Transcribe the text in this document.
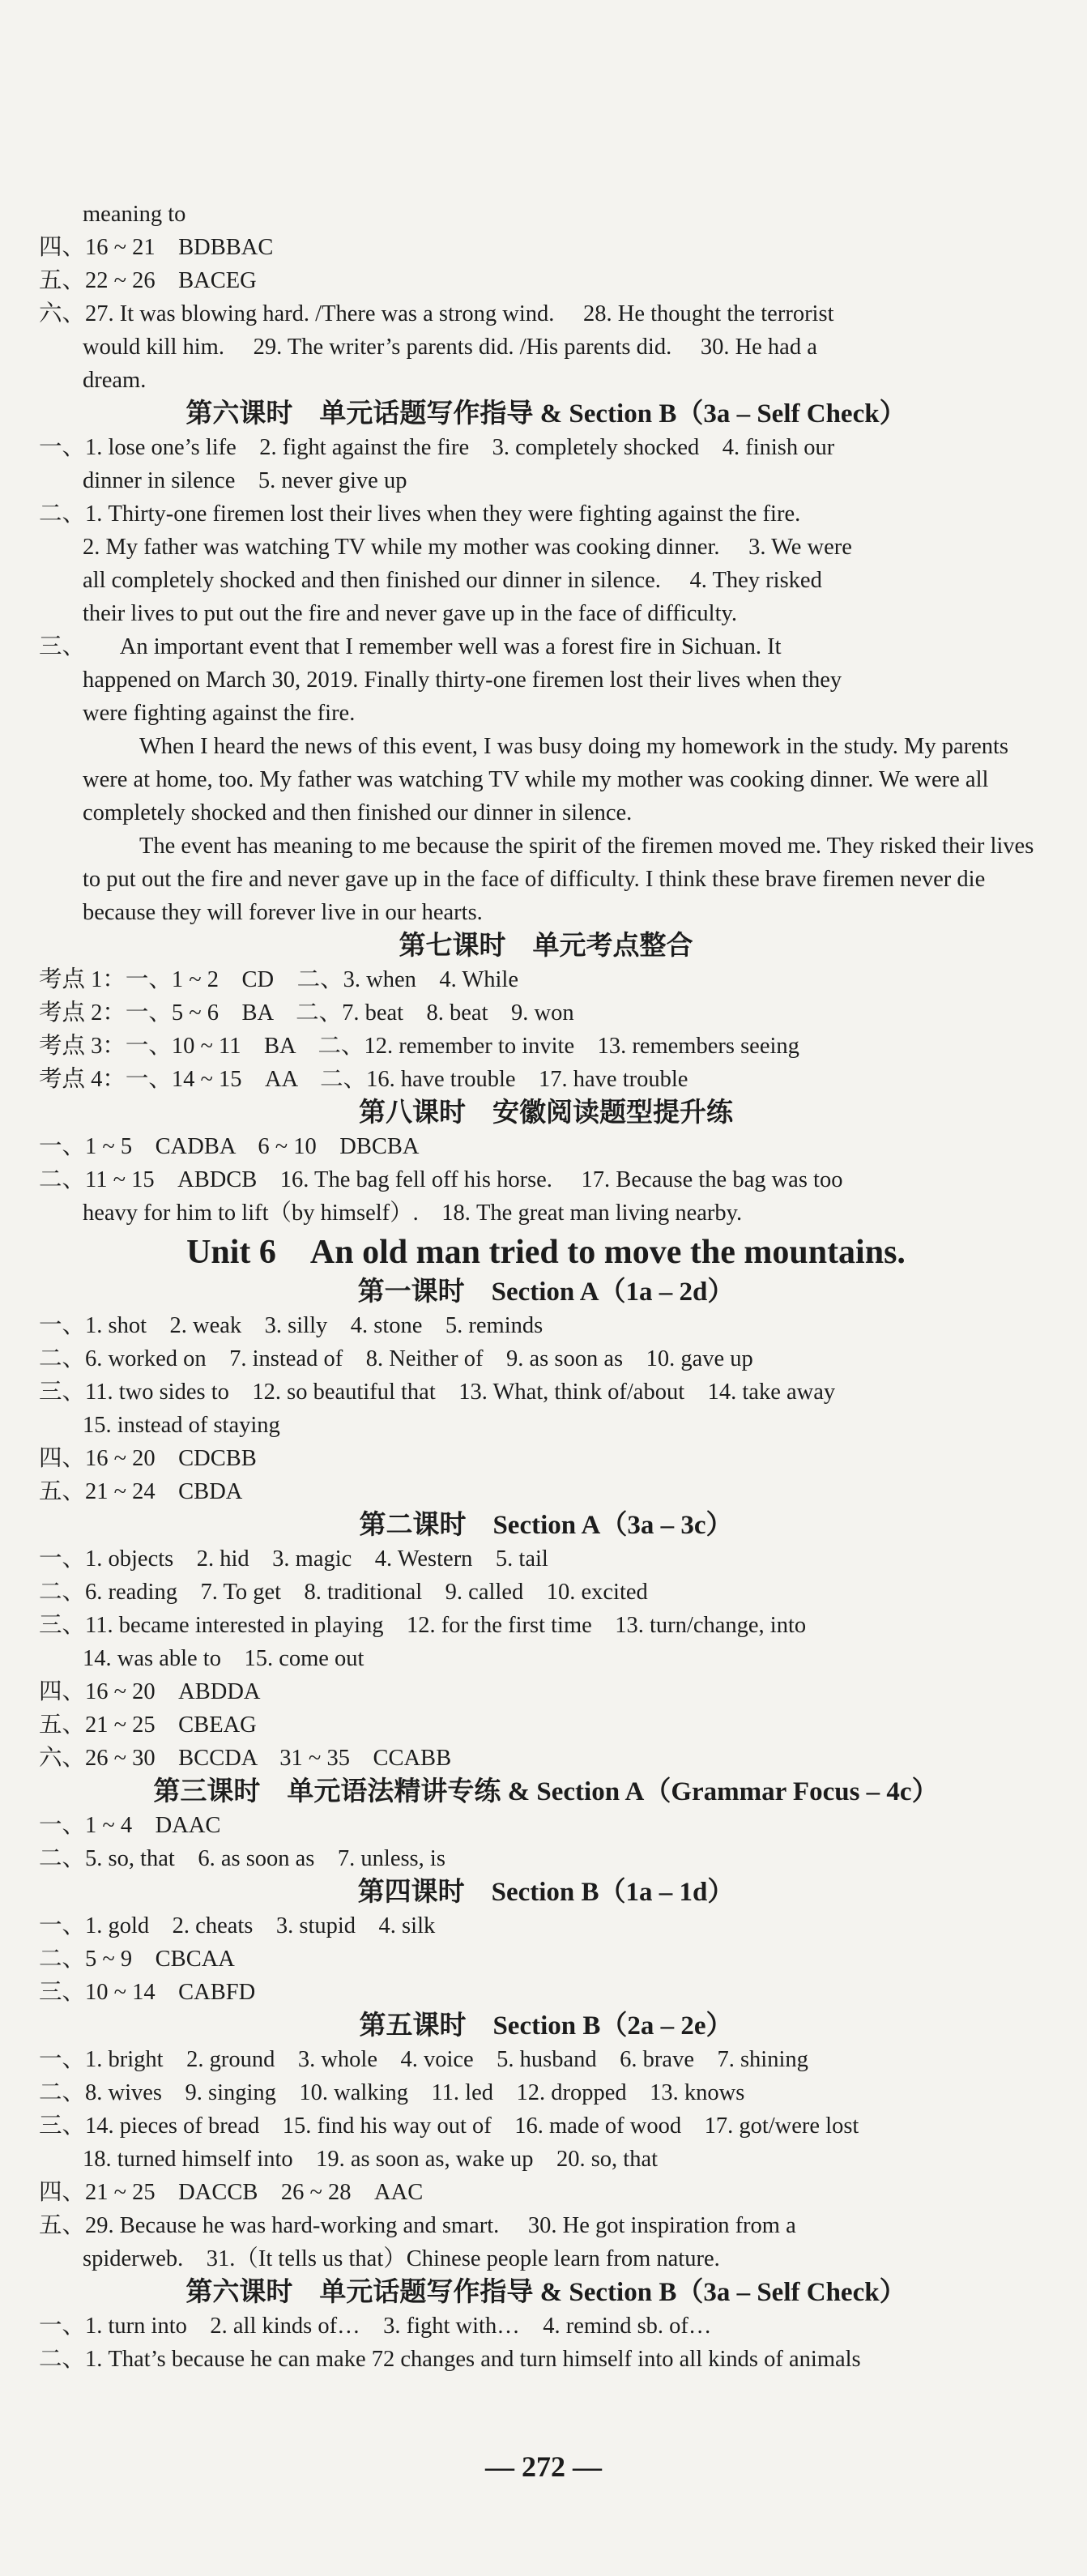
meaning to
四、16 ~ 21　BDBBAC
五、22 ~ 26　BACEG
六、27. It was blowing hard. /There was a strong wind.　 28. He thought the terrorist
would kill him.　 29. The writer’s parents did. /His parents did.　 30. He had a
dream.
第六课时　单元话题写作指导 & Section B（3a – Self Check）
一、1. lose one’s life　2. fight against the fire　3. completely shocked　4. finish our
dinner in silence　5. never give up
二、1. Thirty-one firemen lost their lives when they were fighting against the fire.
2. My father was watching TV while my mother was cooking dinner.　 3. We were
all completely shocked and then finished our dinner in silence.　 4. They risked
their lives to put out the fire and never gave up in the face of difficulty.
三、　　An important event that I remember well was a forest fire in Sichuan. It
happened on March 30, 2019. Finally thirty-one firemen lost their lives when they
were fighting against the fire.
When I heard the news of this event, I was busy doing my homework in the study. My parents were at home, too. My father was watching TV while my mother was cooking dinner. We were all completely shocked and then finished our dinner in silence.
The event has meaning to me because the spirit of the firemen moved me. They risked their lives to put out the fire and never gave up in the face of difficulty. I think these brave firemen never die because they will forever live in our hearts.
第七课时　单元考点整合
考点 1：一、1 ~ 2　CD　二、3. when　4. While
考点 2：一、5 ~ 6　BA　二、7. beat　8. beat　9. won
考点 3：一、10 ~ 11　BA　二、12. remember to invite　13. remembers seeing
考点 4：一、14 ~ 15　AA　二、16. have trouble　17. have trouble
第八课时　安徽阅读题型提升练
一、1 ~ 5　CADBA　6 ~ 10　DBCBA
二、11 ~ 15　ABDCB　16. The bag fell off his horse.　 17. Because the bag was too
heavy for him to lift（by himself）.　18. The great man living nearby.
Unit 6　An old man tried to move the mountains.
第一课时　Section A（1a – 2d）
一、1. shot　2. weak　3. silly　4. stone　5. reminds
二、6. worked on　7. instead of　8. Neither of　9. as soon as　10. gave up
三、11. two sides to　12. so beautiful that　13. What, think of/about　14. take away
15. instead of staying
四、16 ~ 20　CDCBB
五、21 ~ 24　CBDA
第二课时　Section A（3a – 3c）
一、1. objects　2. hid　3. magic　4. Western　5. tail
二、6. reading　7. To get　8. traditional　9. called　10. excited
三、11. became interested in playing　12. for the first time　13. turn/change, into
14. was able to　15. come out
四、16 ~ 20　ABDDA
五、21 ~ 25　CBEAG
六、26 ~ 30　BCCDA　31 ~ 35　CCABB
第三课时　单元语法精讲专练 & Section A（Grammar Focus – 4c）
一、1 ~ 4　DAAC
二、5. so, that　6. as soon as　7. unless, is
第四课时　Section B（1a – 1d）
一、1. gold　2. cheats　3. stupid　4. silk
二、5 ~ 9　CBCAA
三、10 ~ 14　CABFD
第五课时　Section B（2a – 2e）
一、1. bright　2. ground　3. whole　4. voice　5. husband　6. brave　7. shining
二、8. wives　9. singing　10. walking　11. led　12. dropped　13. knows
三、14. pieces of bread　15. find his way out of　16. made of wood　17. got/were lost
18. turned himself into　19. as soon as, wake up　20. so, that
四、21 ~ 25　DACCB　26 ~ 28　AAC
五、29. Because he was hard-working and smart.　 30. He got inspiration from a
spiderweb.　31.（It tells us that）Chinese people learn from nature.
第六课时　单元话题写作指导 & Section B（3a – Self Check）
一、1. turn into　2. all kinds of…　3. fight with…　4. remind sb. of…
二、1. That’s because he can make 72 changes and turn himself into all kinds of animals
— 272 —
